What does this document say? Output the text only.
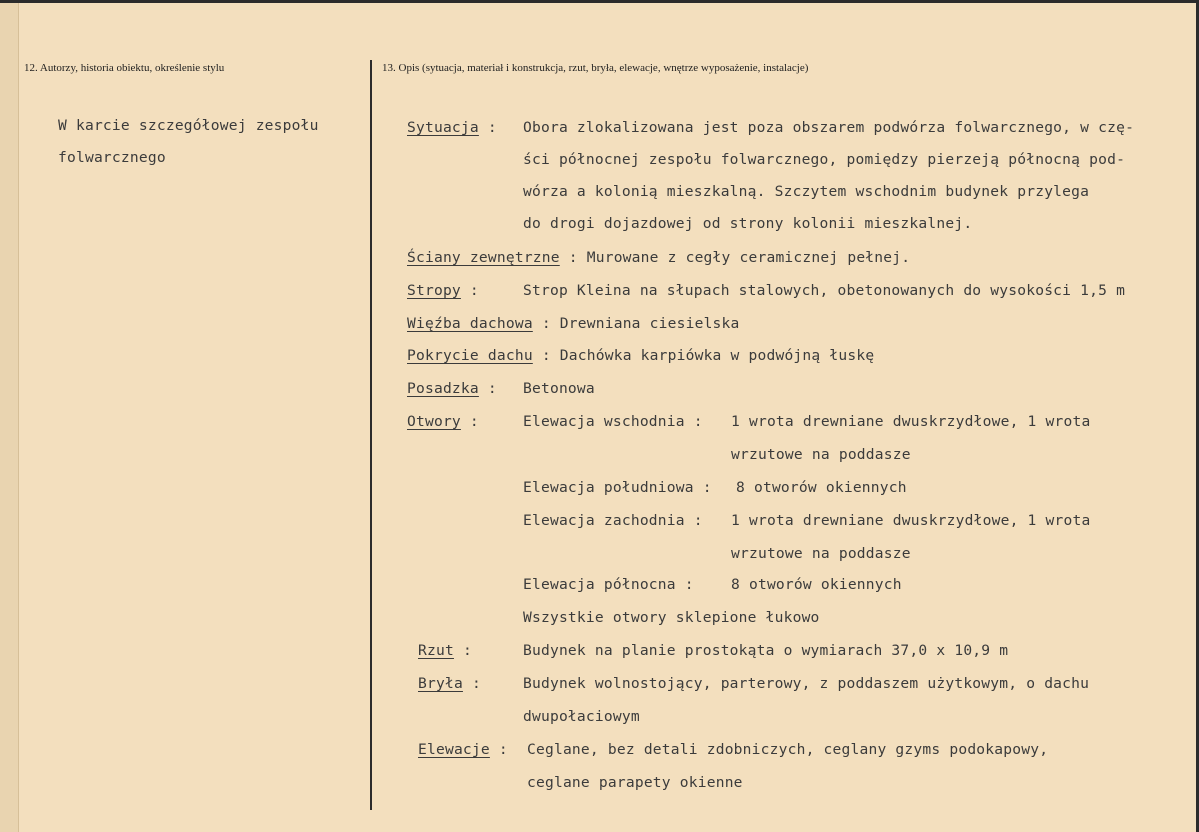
12. Autorzy, historia obiektu, określenie stylu
W karcie szczegółowej zespołu
folwarcznego
13. Opis (sytuacja, materiał i konstrukcja, rzut, bryła, elewacje, wnętrze wyposażenie, instalacje)
Sytuacja : Obora zlokalizowana jest poza obszarem podwórza folwarcznego, w czę-
ści północnej zespołu folwarcznego, pomiędzy pierzeją północną pod-
wórza a kolonią mieszkalną. Szczytem wschodnim budynek przylega
do drogi dojazdowej od strony kolonii mieszkalnej.
Ściany zewnętrzne : Murowane z cegły ceramicznej pełnej.
Stropy :	Strop Kleina na słupach stalowych, obetonowanych do wysokości 1,5 m
Więźba dachowa : Drewniana ciesielska
Pokrycie dachu : Dachówka karpiówka w podwójną łuskę
Posadzka : Betonowa
Otwory :	Elewacja wschodnia : 1 wrota drewniane dwuskrzydłowe, 1 wrota
wrzutowe na poddasze
Elewacja południowa : 8 otworów okiennych
Elewacja zachodnia : 1 wrota drewniane dwuskrzydłowe, 1 wrota
wrzutowe na poddasze
Elewacja północna :	8 otworów okiennych
Wszystkie otwory sklepione łukowo
Rzut :	Budynek na planie prostokąta o wymiarach 37,0 x 10,9 m
Bryła :	Budynek wolnostojący, parterowy, z poddaszem użytkowym, o dachu
dwupołaciowym
Elewacje : Ceglane, bez detali zdobniczych, ceglany gzyms podokapowy,
ceglane parapety okienne
